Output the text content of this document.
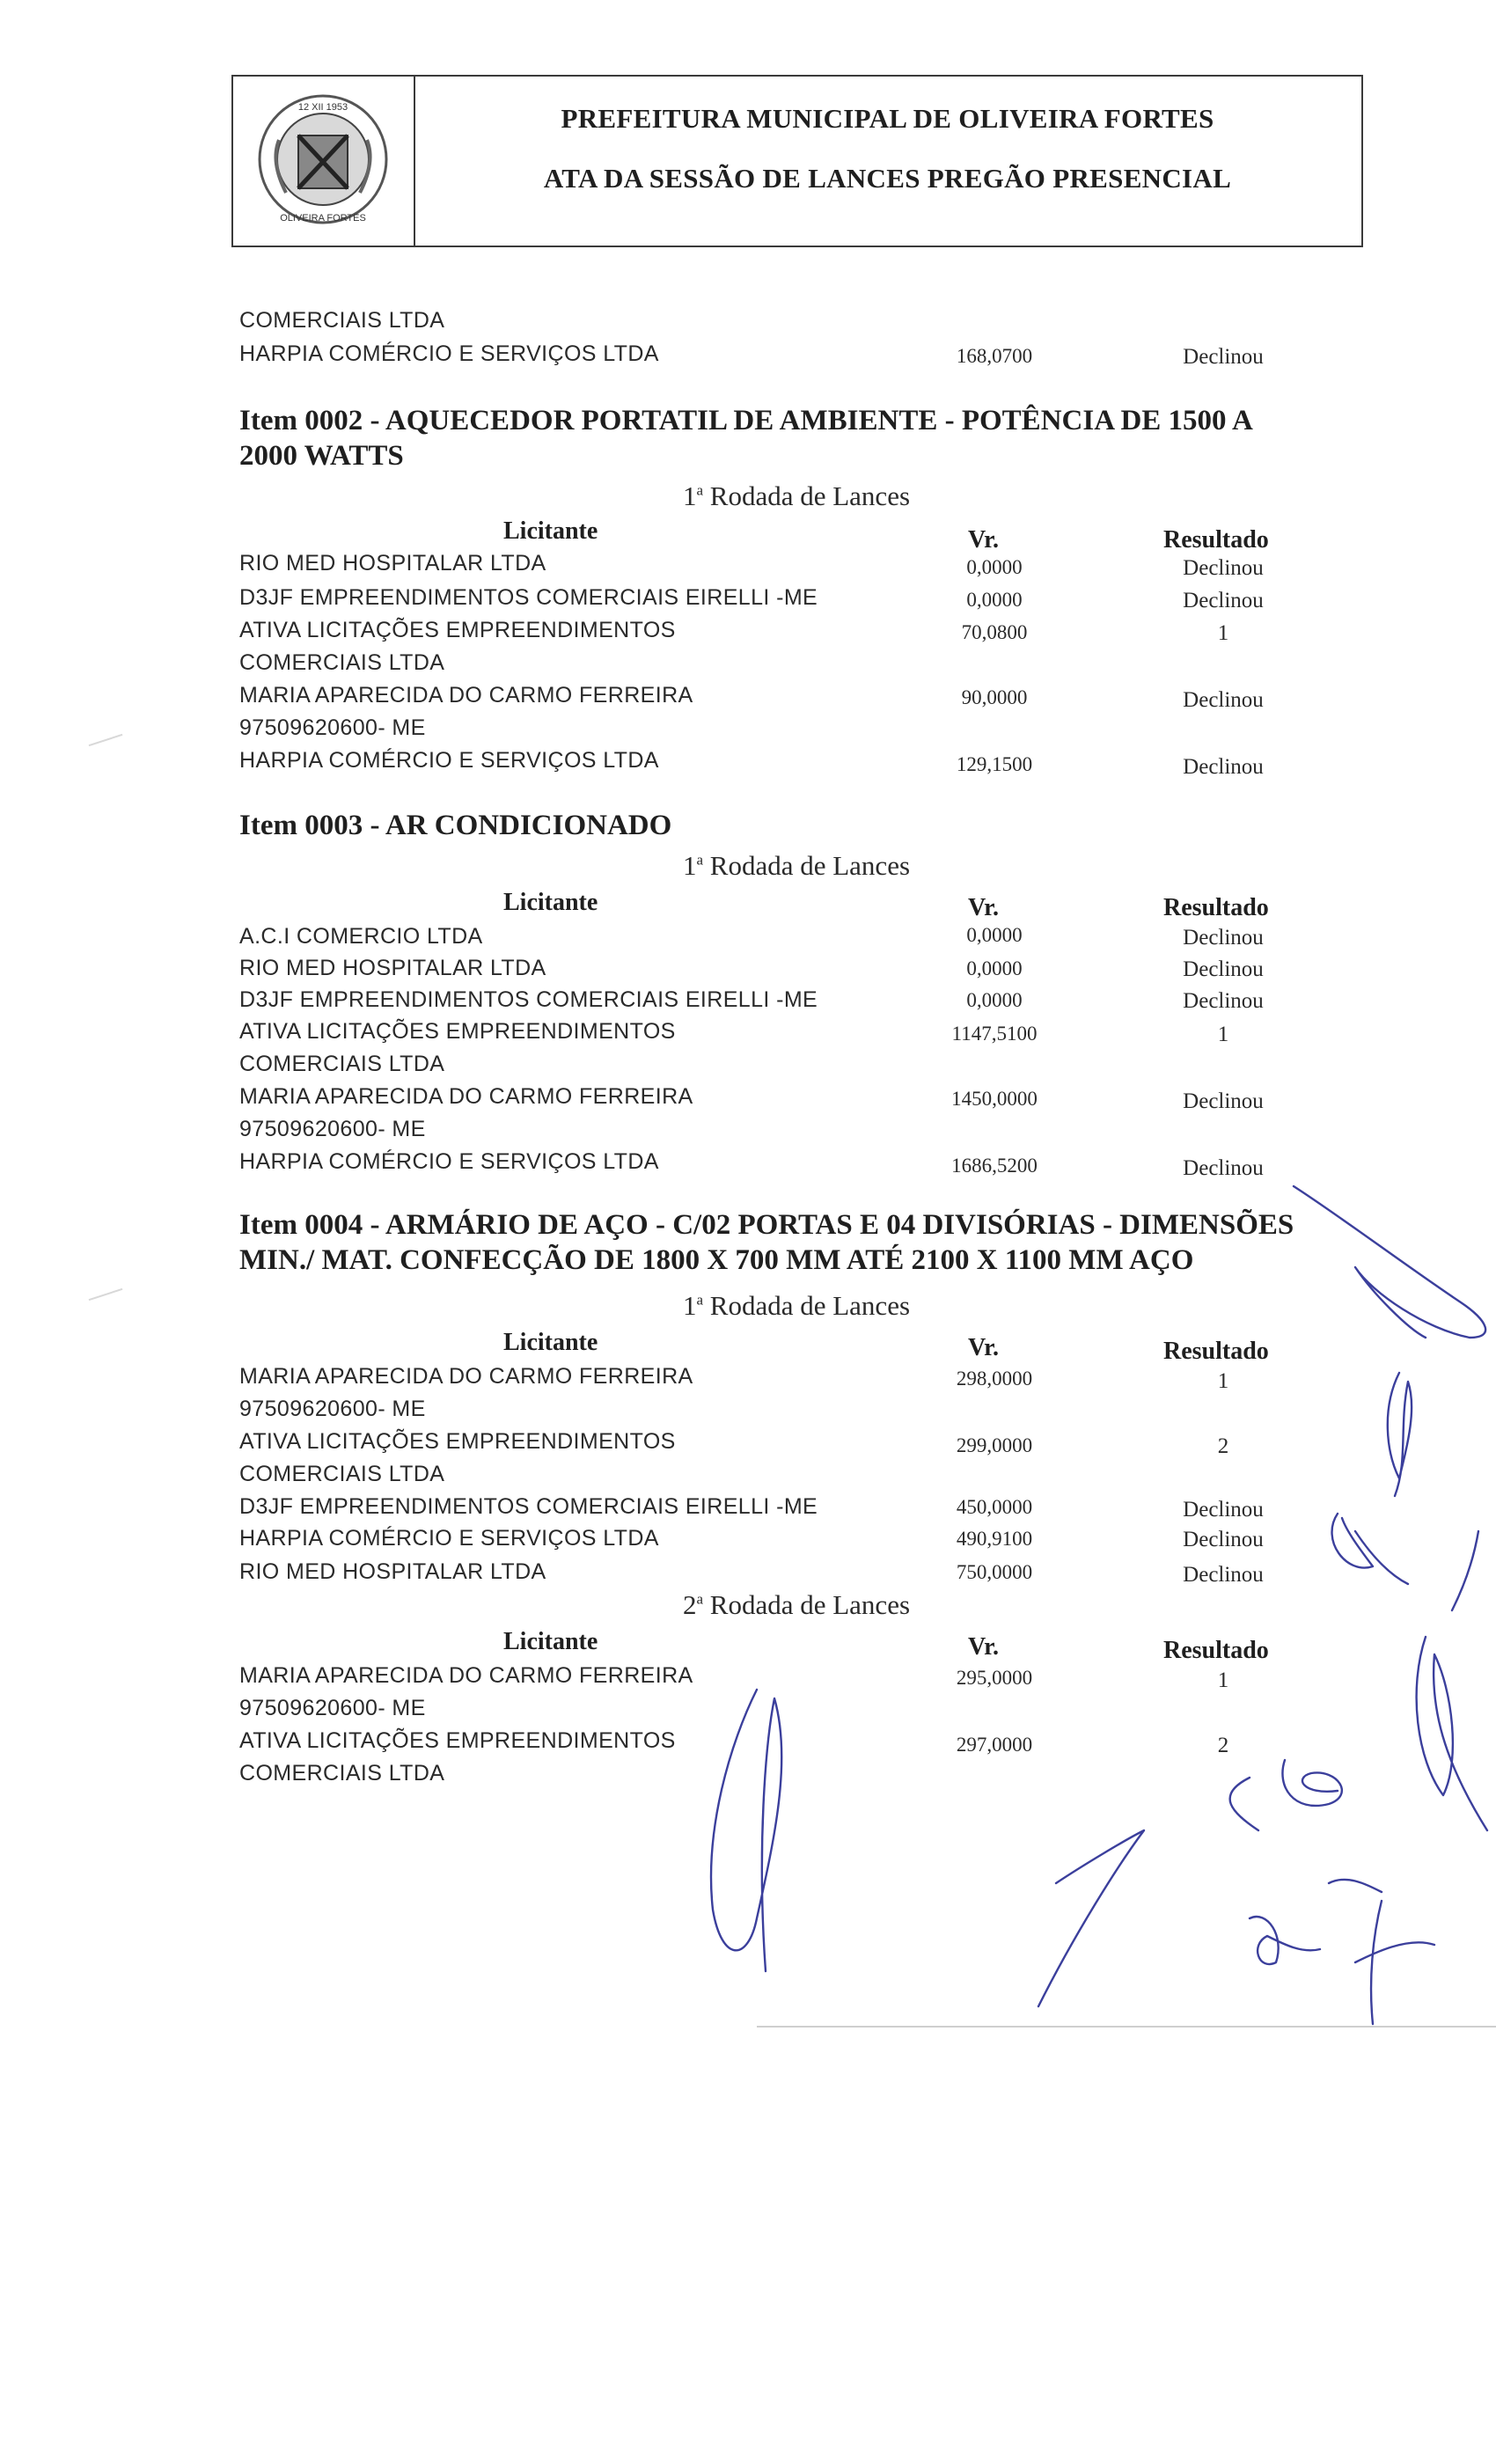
12 XII 1953
OLIVEIRA FORTES
PREFEITURA MUNICIPAL DE OLIVEIRA FORTES
ATA DA SESSÃO DE LANCES PREGÃO PRESENCIAL
COMERCIAIS LTDA
HARPIA COMÉRCIO E SERVIÇOS LTDA	168,0700	Declinou
Item 0002 - AQUECEDOR PORTATIL DE AMBIENTE - POTÊNCIA DE 1500 A
2000 WATTS
1$^a$ Rodada de Lances
Licitante	Vr.	Resultado
RIO MED HOSPITALAR LTDA	0,0000	Declinou
D3JF EMPREENDIMENTOS COMERCIAIS EIRELLI -ME	0,0000	Declinou
ATIVA LICITAÇÕES EMPREENDIMENTOS
COMERCIAIS LTDA
70,0800	1
MARIA APARECIDA DO CARMO FERREIRA
97509620600- ME
90,0000	Declinou
HARPIA COMÉRCIO E SERVIÇOS LTDA	129,1500	Declinou
Item 0003 - AR CONDICIONADO
1$^a$ Rodada de Lances
Licitante	Vr.	Resultado
A.C.I COMERCIO LTDA	0,0000	Declinou
RIO MED HOSPITALAR LTDA	0,0000	Declinou
D3JF EMPREENDIMENTOS COMERCIAIS EIRELLI -ME	0,0000	Declinou
ATIVA LICITAÇÕES EMPREENDIMENTOS
COMERCIAIS LTDA
1147,5100	1
MARIA APARECIDA DO CARMO FERREIRA
97509620600- ME
1450,0000	Declinou
HARPIA COMÉRCIO E SERVIÇOS LTDA	1686,5200	Declinou
Item 0004 - ARMÁRIO DE AÇO - C/02 PORTAS E 04 DIVISÓRIAS - DIMENSÕES
MIN./ MAT. CONFECÇÃO DE 1800 X 700 MM ATÉ 2100 X 1100 MM AÇO
1$^a$ Rodada de Lances
Licitante	Vr.	Resultado
MARIA APARECIDA DO CARMO FERREIRA
97509620600- ME
298,0000	1
ATIVA LICITAÇÕES EMPREENDIMENTOS
COMERCIAIS LTDA
299,0000	2
D3JF EMPREENDIMENTOS COMERCIAIS EIRELLI -ME	450,0000	Declinou
HARPIA COMÉRCIO E SERVIÇOS LTDA	490,9100	Declinou
RIO MED HOSPITALAR LTDA	750,0000	Declinou
2$^a$ Rodada de Lances
Licitante	Vr.	Resultado
MARIA APARECIDA DO CARMO FERREIRA
97509620600- ME
295,0000	1
ATIVA LICITAÇÕES EMPREENDIMENTOS
COMERCIAIS LTDA
297,0000	2
